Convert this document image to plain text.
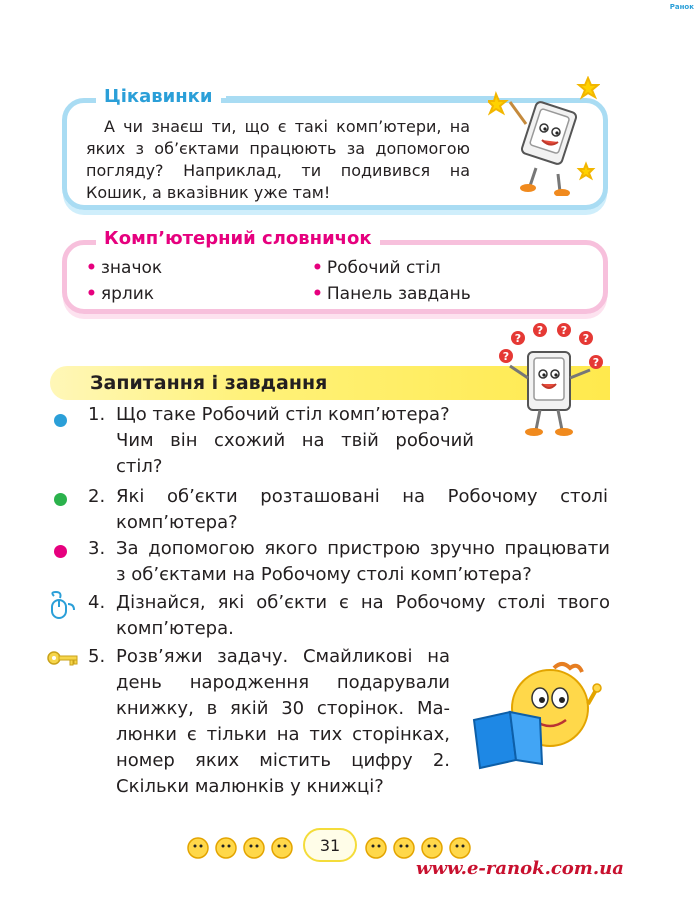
Ранок
Цікавинки
А чи знаєш ти, що є такі комп’ютери, на яких з об’єктами працюють за допомогою погляду? Наприклад, ти подивився на Кошик, а вказівник уже там!
Комп’ютерний словничок
• значок
• ярлик
• Робочий стіл
• Панель завдань
Запитання і завдання
?
? ?
?
?	?
1. Що таке Робочий стіл комп’ютера?
Чим він схожий на твій робочий
стіл?
2. Які об’єкти розташовані на Робочому столі
комп’ютера?
3. За допомогою якого пристрою зручно працювати
з об’єктами на Робочому столі комп’ютера?
4. Дізнайся, які об’єкти є на Робочому столі твого
комп’ютера.
5. Розв’яжи задачу. Смайликові на
день народження подарували
книжку, в якій 30 сторінок. Ма-
люнки є тільки на тих сторінках,
номер яких містить цифру 2.
Скільки малюнків у книжці?
31
www.e-ranok.com.ua
